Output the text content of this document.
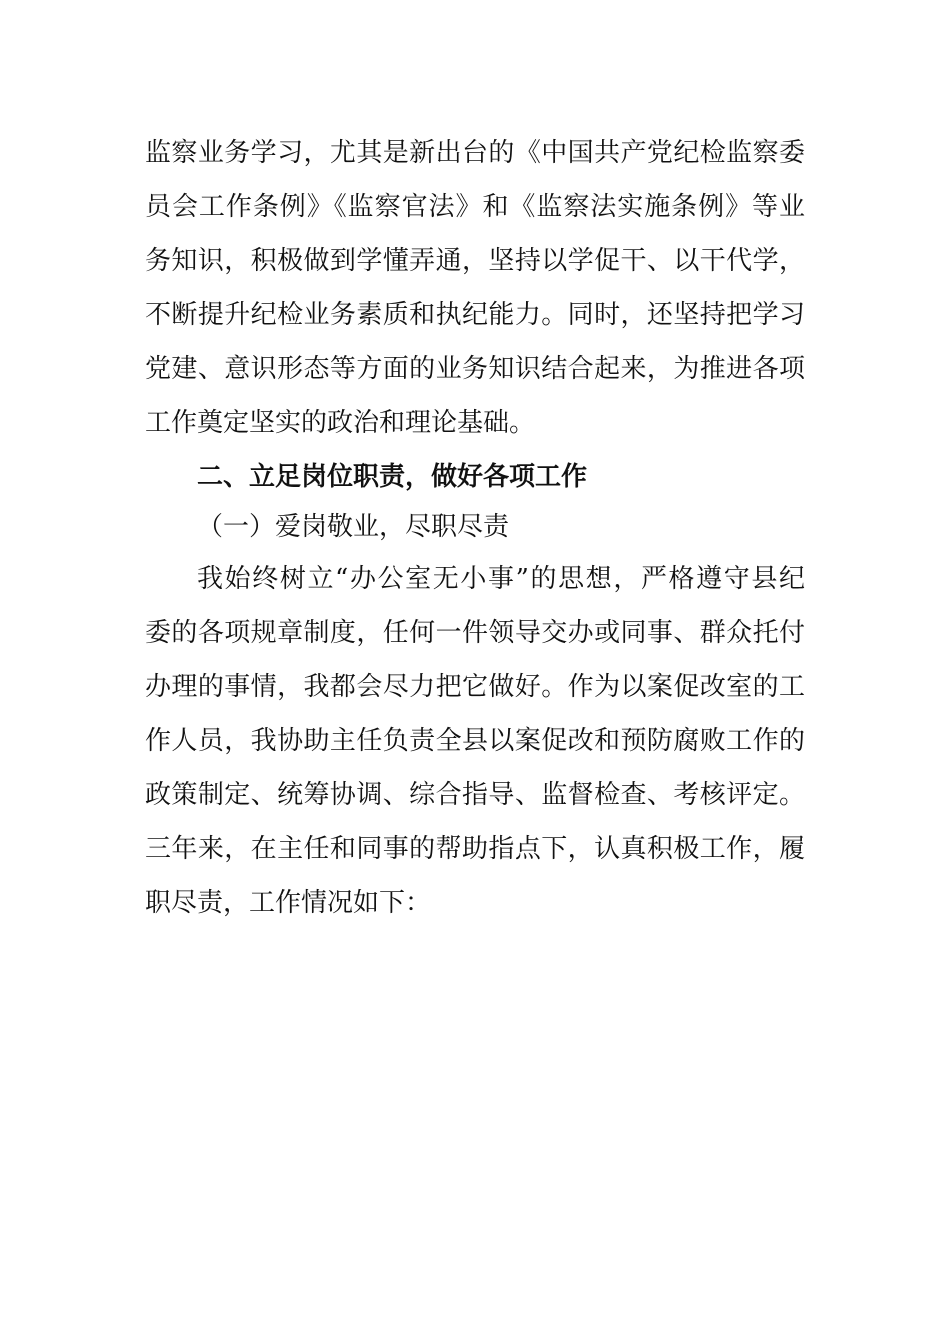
监察业务学习，尤其是新出台的《中国共产党纪检监察委
员会工作条例》《监察官法》和《监察法实施条例》等业
务知识，积极做到学懂弄通，坚持以学促干、以干代学，
不断提升纪检业务素质和执纪能力。同时，还坚持把学习
党建、意识形态等方面的业务知识结合起来，为推进各项
工作奠定坚实的政治和理论基础。
二、立足岗位职责，做好各项工作
（一）爱岗敬业，尽职尽责
我始终树立“办公室无小事”的思想，严格遵守县纪
委的各项规章制度，任何一件领导交办或同事、群众托付
办理的事情，我都会尽力把它做好。作为以案促改室的工
作人员，我协助主任负责全县以案促改和预防腐败工作的
政策制定、统筹协调、综合指导、监督检查、考核评定。
三年来，在主任和同事的帮助指点下，认真积极工作，履
职尽责，工作情况如下：
